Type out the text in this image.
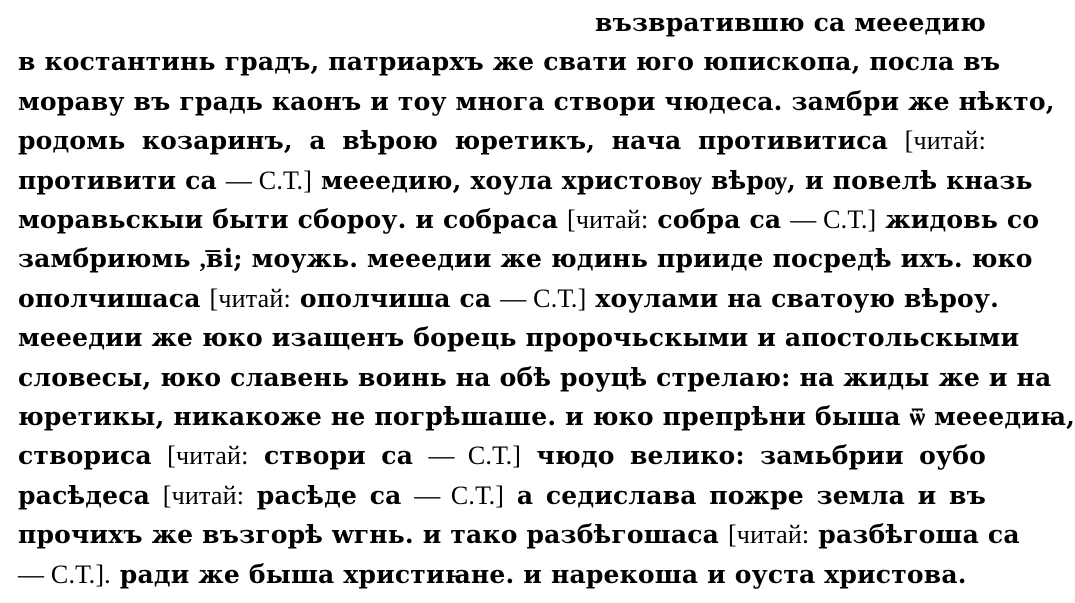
възвратившю са мееедию
в костантинь градъ, патриархъ же свати юго юпископа, посла въ
мораву въ градь каонъ и тоу многа створи чюдеса. замбри же нѣкто,
родомь козаринъ, а вѣрою юретикъ, нача противитиса [читай:
противити са — С.Т.] мееедию, хоула христовѹ вѣрѹ, и повелѣ кназь
моравьскыи быти сбороу. и собраса [читай: собра са — С.Т.] жидовь со
замбриюмь ,͞ві; моужь. мееедии же юдинь прииде посредѣ ихъ. юко
ополчишаса [читай: ополчиша са — С.Т.] хоулами на сватоую вѣроу.
мееедии же юко изащенъ борець пророчьскыми и апостольскыми
словесы, юко славень воинь на обѣ роуцѣ стрелаю: на жиды же и на
юретикы, никакоже не погрѣшаше. и юко препрѣни быша ѿ мееедиꙗ,
створиса [читай: створи са — С.Т.] чюдо велико: замьбрии оубо
расѣдеса [читай: расѣде са — С.Т.] а седислава пожре земла и въ
прочихъ же възгорѣ wгнь. и тако разбѣгошаса [читай: разбѣгоша са
— С.Т.]. ради же быша христиꙗне. и нарекоша и оуста христова.
